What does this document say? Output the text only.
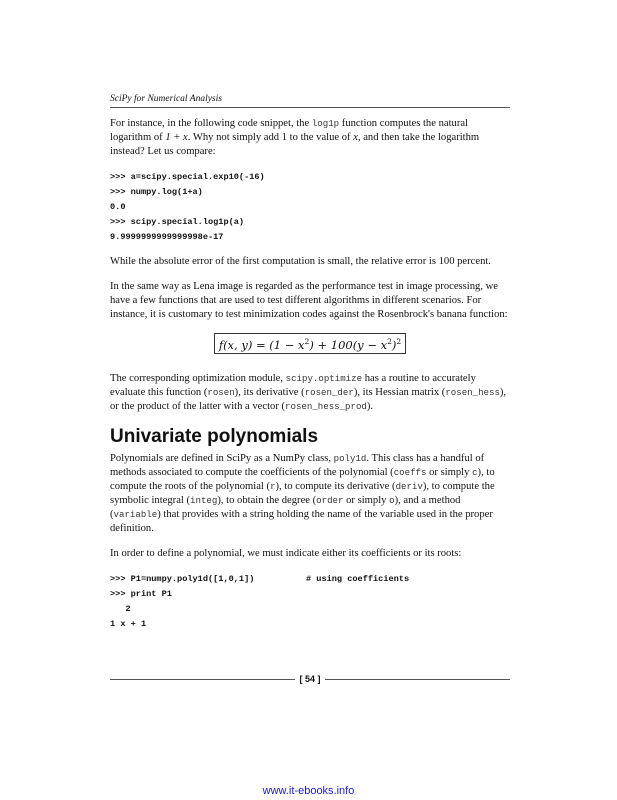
SciPy for Numerical Analysis

For instance, in the following code snippet, the log1p function computes the natural logarithm of 1 + x. Why not simply add 1 to the value of x, and then take the logarithm instead? Let us compare:

>>> a=scipy.special.exp10(-16)
>>> numpy.log(1+a)
0.0
>>> scipy.special.log1p(a)
9.9999999999999998e-17

While the absolute error of the first computation is small, the relative error is 100 percent.

In the same way as Lena image is regarded as the performance test in image processing, we have a few functions that are used to test different algorithms in different scenarios. For instance, it is customary to test minimization codes against the Rosenbrock's banana function:

f(x, $y) = (1 - x^2) + 100(y - x^2)^2$

The corresponding optimization module, scipy.optimize has a routine to accurately evaluate this function (rosen), its derivative (rosen_der), its Hessian matrix (rosen_hess), or the product of the latter with a vector (rosen_hess_prod).

Univariate polynomials

Polynomials are defined in SciPy as a NumPy class, poly1d. This class has a handful of methods associated to compute the coefficients of the polynomial (coeffs or simply c), to compute the roots of the polynomial (r), to compute its derivative (deriv), to compute the symbolic integral (integ), to obtain the degree (order or simply o), and a method (variable) that provides with a string holding the name of the variable used in the proper definition.

In order to define a polynomial, we must indicate either its coefficients or its roots:

>>> P1=numpy.poly1d([1,0,1])          # using coefficients
>>> print P1
2
1 x + 1
[ 54 ]
www.it-ebooks.info
